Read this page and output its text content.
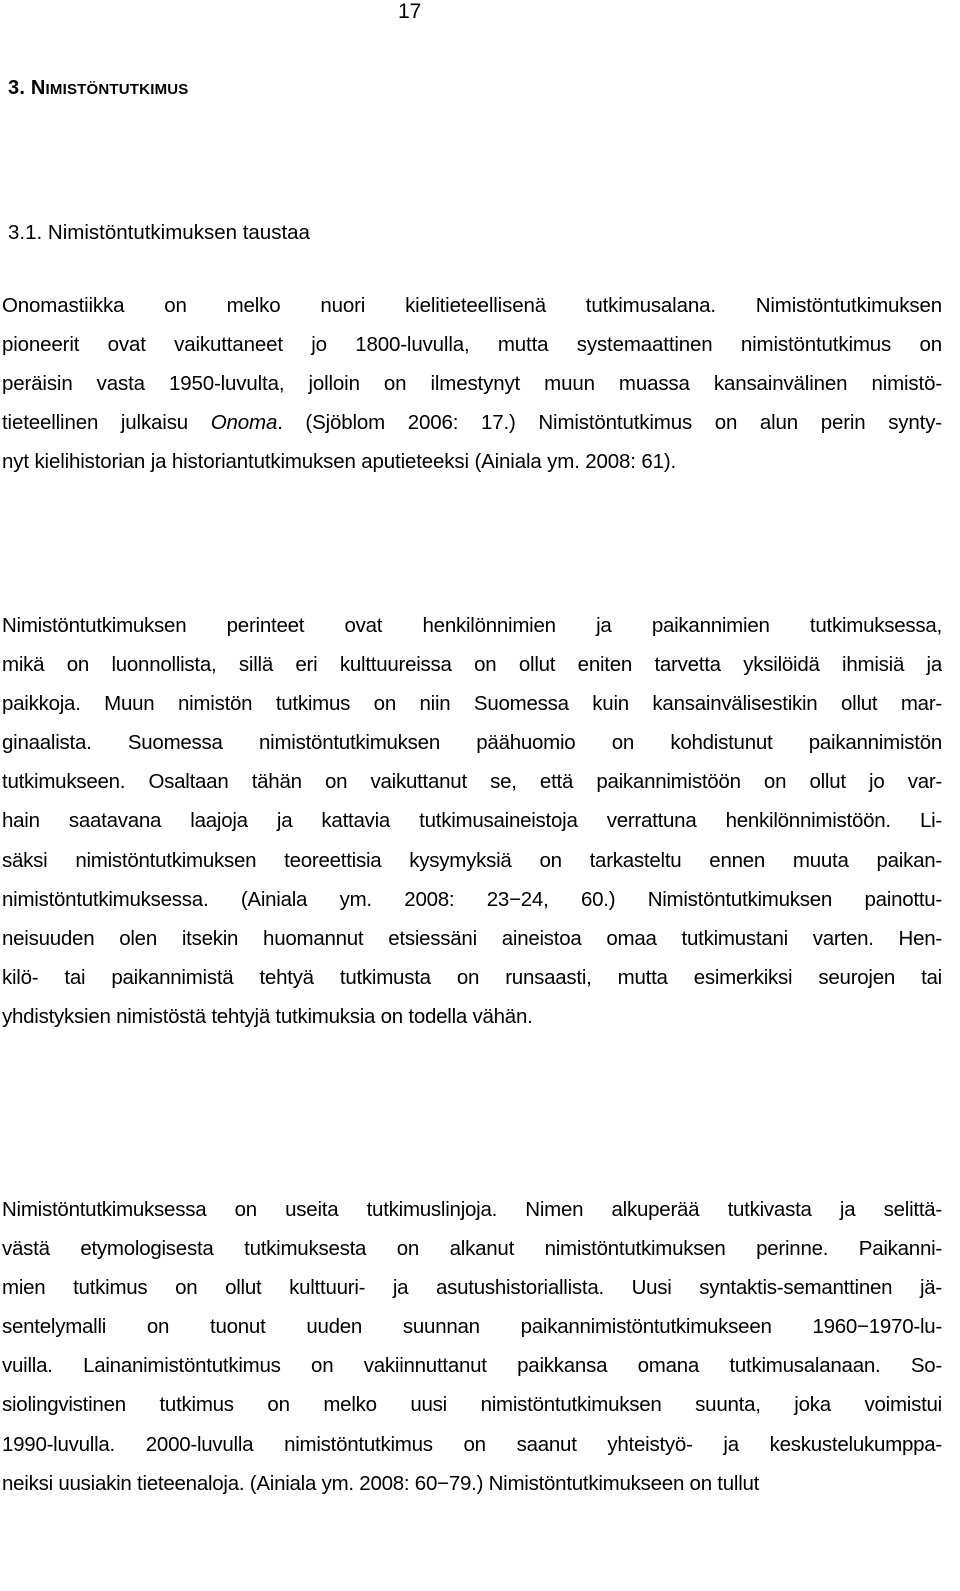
17
3. NIMISTÖNTUTKIMUS
3.1. Nimistöntutkimuksen taustaa
Onomastiikka on melko nuori kielitieteellisenä tutkimusalana. Nimistöntutkimuksen
pioneerit ovat vaikuttaneet jo 1800-luvulla, mutta systemaattinen nimistöntutkimus on
peräisin vasta 1950-luvulta, jolloin on ilmestynyt muun muassa kansainvälinen nimistö-
tieteellinen julkaisu Onoma. (Sjöblom 2006: 17.) Nimistöntutkimus on alun perin synty-
nyt kielihistorian ja historiantutkimuksen aputieteeksi (Ainiala ym. 2008: 61).
Nimistöntutkimuksen perinteet ovat henkilönnimien ja paikannimien tutkimuksessa,
mikä on luonnollista, sillä eri kulttuureissa on ollut eniten tarvetta yksilöidä ihmisiä ja
paikkoja. Muun nimistön tutkimus on niin Suomessa kuin kansainvälisestikin ollut mar-
ginaalista. Suomessa nimistöntutkimuksen päähuomio on kohdistunut paikannimistön
tutkimukseen. Osaltaan tähän on vaikuttanut se, että paikannimistöön on ollut jo var-
hain saatavana laajoja ja kattavia tutkimusaineistoja verrattuna henkilönnimistöön. Li-
säksi nimistöntutkimuksen teoreettisia kysymyksiä on tarkasteltu ennen muuta paikan-
nimistöntutkimuksessa. (Ainiala ym. 2008: 23−24, 60.) Nimistöntutkimuksen painottu-
neisuuden olen itsekin huomannut etsiessäni aineistoa omaa tutkimustani varten. Hen-
kilö- tai paikannimistä tehtyä tutkimusta on runsaasti, mutta esimerkiksi seurojen tai
yhdistyksien nimistöstä tehtyjä tutkimuksia on todella vähän.
Nimistöntutkimuksessa on useita tutkimuslinjoja. Nimen alkuperää tutkivasta ja selittä-
västä etymologisesta tutkimuksesta on alkanut nimistöntutkimuksen perinne. Paikanni-
mien tutkimus on ollut kulttuuri- ja asutushistoriallista. Uusi syntaktis-semanttinen jä-
sentelymalli on tuonut uuden suunnan paikannimistöntutkimukseen 1960−1970-lu-
vuilla. Lainanimistöntutkimus on vakiinnuttanut paikkansa omana tutkimusalanaan. So-
siolingvistinen tutkimus on melko uusi nimistöntutkimuksen suunta, joka voimistui
1990-luvulla. 2000-luvulla nimistöntutkimus on saanut yhteistyö- ja keskustelukumppa-
neiksi uusiakin tieteenaloja. (Ainiala ym. 2008: 60−79.) Nimistöntutkimukseen on tullut
